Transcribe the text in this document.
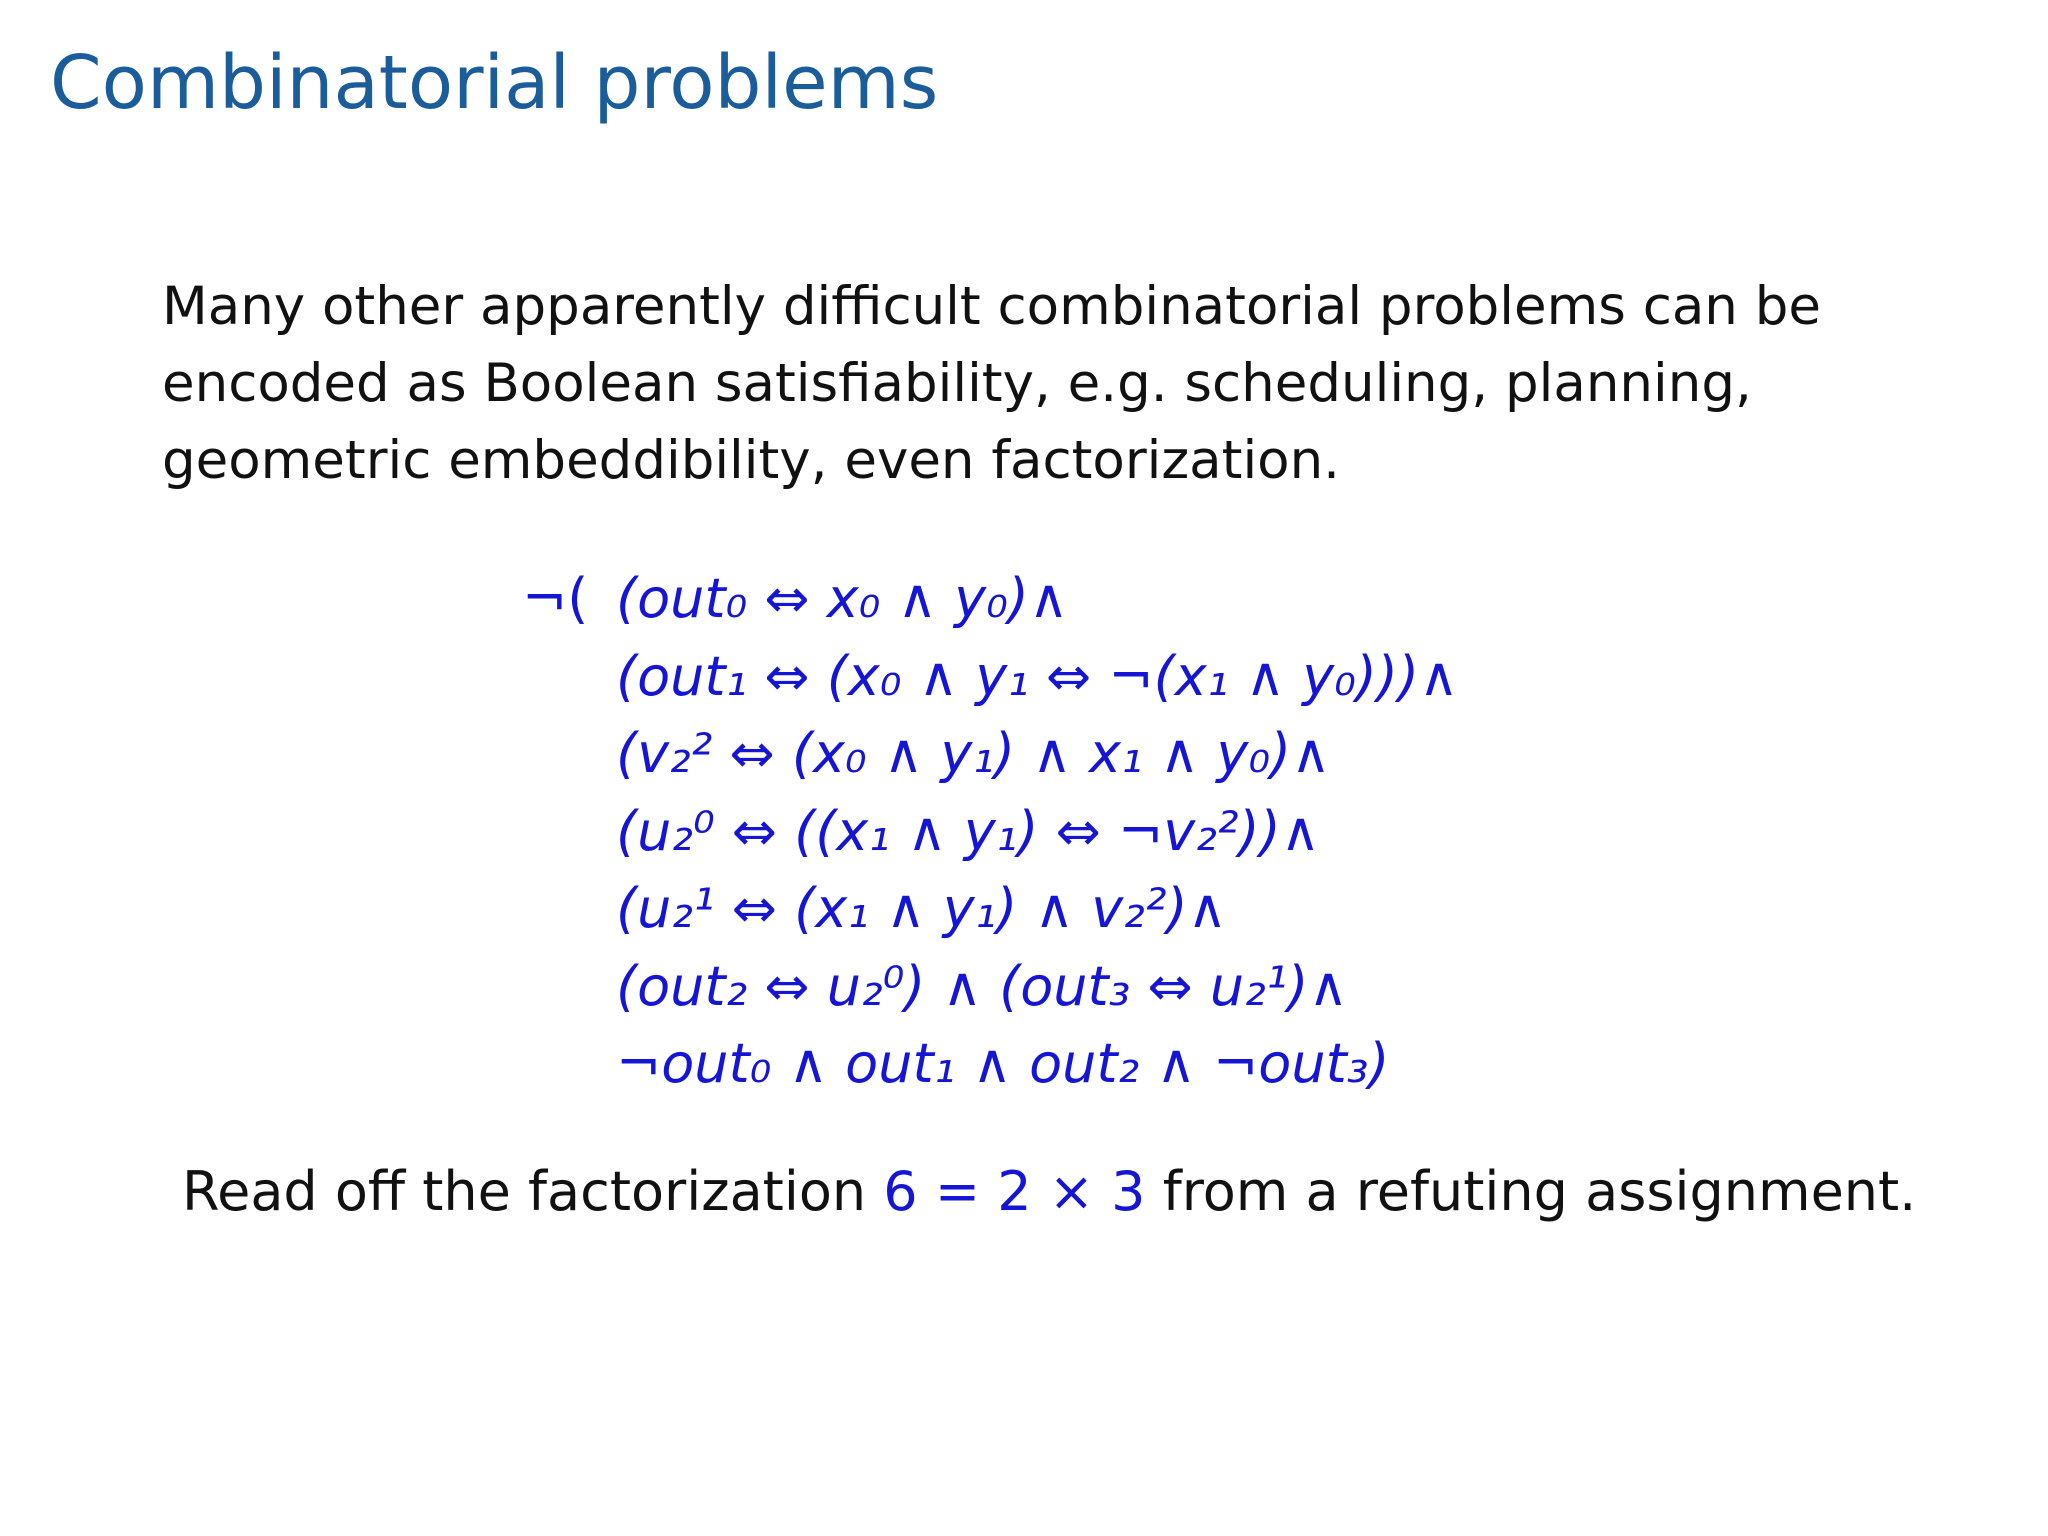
Combinatorial problems
Many other apparently difficult combinatorial problems can be
encoded as Boolean satisfiability, e.g. scheduling, planning,
geometric embeddibility, even factorization.
¬( (out₀ ⇔ x₀ ∧ y₀)∧
(out₁ ⇔ (x₀ ∧ y₁ ⇔ ¬(x₁ ∧ y₀)))∧
(v₂² ⇔ (x₀ ∧ y₁) ∧ x₁ ∧ y₀)∧
(u₂⁰ ⇔ ((x₁ ∧ y₁) ⇔ ¬v₂²))∧
(u₂¹ ⇔ (x₁ ∧ y₁) ∧ v₂²)∧
(out₂ ⇔ u₂⁰) ∧ (out₃ ⇔ u₂¹)∧
¬out₀ ∧ out₁ ∧ out₂ ∧ ¬out₃)
Read off the factorization 6 = 2 × 3 from a refuting assignment.
